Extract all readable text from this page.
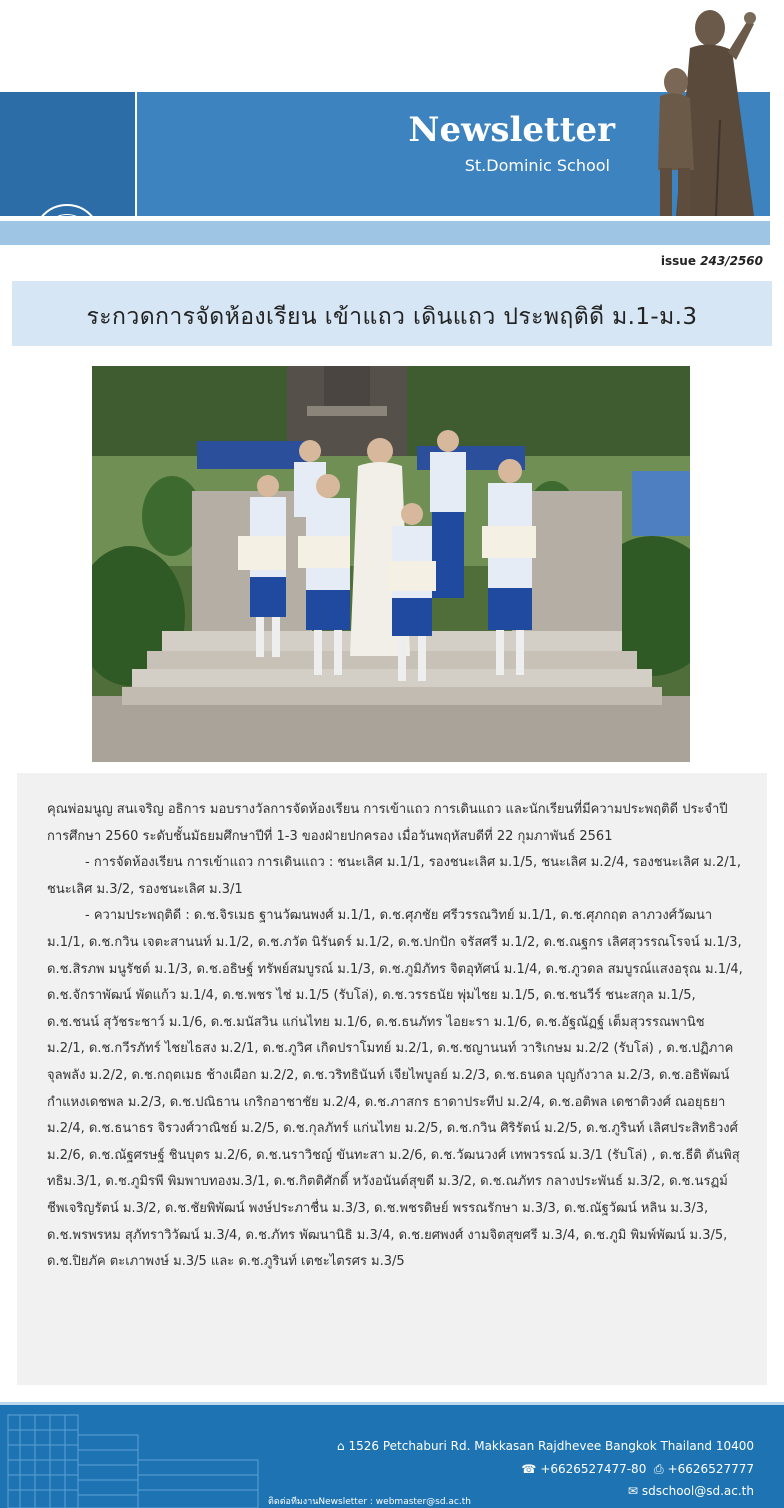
Newsletter
St.Dominic School
issue 243/2560
ระกวดการจัดห้องเรียน เข้าแถว เดินแถว ประพฤติดี ม.1-ม.3

คุณพ่อมนูญ สนเจริญ อธิการ มอบรางวัลการจัดห้องเรียน การเข้าแถว การเดินแถว และนักเรียนที่มีความประพฤติดี ประจำปีการศึกษา 2560 ระดับชั้นมัธยมศึกษาปีที่ 1-3 ของฝ่ายปกครอง เมื่อวันพฤหัสบดีที่ 22 กุมภาพันธ์ 2561

- การจัดห้องเรียน การเข้าแถว การเดินแถว : ชนะเลิศ ม.1/1, รองชนะเลิศ ม.1/5, ชนะเลิศ ม.2/4, รองชนะเลิศ ม.2/1, ชนะเลิศ ม.3/2, รองชนะเลิศ ม.3/1

- ความประพฤติดี : ด.ช.จิรเมธ ฐานวัฒนพงศ์ ม.1/1, ด.ช.ศุภชัย ศรีวรรณวิทย์ ม.1/1, ด.ช.ศุภกฤต ลาภวงศ์วัฒนา ม.1/1, ด.ช.กวิน เจตะสานนท์ ม.1/2, ด.ช.ภวัต นิรันดร์ ม.1/2, ด.ช.ปกปัก จรัสศรี ม.1/2, ด.ช.ณฐกร เลิศสุวรรณโรจน์ ม.1/3, ด.ช.สิรภพ มนูรัชต์ ม.1/3, ด.ช.อธิษฐ์ ทรัพย์สมบูรณ์ ม.1/3, ด.ช.ภูมิภัทร จิตอุทัศน์ ม.1/4, ด.ช.ภูวดล สมบูรณ์แสงอรุณ ม.1/4, ด.ช.จักราพัฒน์ พัดแก้ว ม.1/4, ด.ช.พชร ไช่ ม.1/5 (รับโล่), ด.ช.วรรธนัย พุ่มไชย ม.1/5, ด.ช.ชนวีร์ ชนะสกุล ม.1/5, ด.ช.ชนน์ สุวัชระชาว์ ม.1/6, ด.ช.มนัสวิน แก่นไทย ม.1/6, ด.ช.ธนภัทร ไอยะรา ม.1/6, ด.ช.อัฐณัฏฐ์ เต็มสุวรรณพานิช ม.2/1, ด.ช.กวีรภัทร์ ไชยไธสง ม.2/1, ด.ช.ภูวิศ เกิดปราโมทย์ ม.2/1, ด.ช.ชญานนท์ วาริเกษม ม.2/2 (รับโล่) , ด.ช.ปฏิภาค จุลพลัง ม.2/2, ด.ช.กฤตเมธ ช้างเผือก ม.2/2, ด.ช.วริทธินันท์ เจียไพบูลย์ ม.2/3, ด.ช.ธนดล บุญกังวาล ม.2/3, ด.ช.อธิพัฒน์ กำแหงเดชพล ม.2/3, ด.ช.ปณิธาน เกริกอาชาชัย ม.2/4, ด.ช.ภาสกร ธาดาประทีป ม.2/4, ด.ช.อติพล เดชาติวงศ์ ณอยุธยา ม.2/4, ด.ช.ธนาธร จิรวงศ์วาณิชย์ ม.2/5, ด.ช.กุลภัทร์ แก่นไทย ม.2/5, ด.ช.กวิน ศิริรัตน์ ม.2/5, ด.ช.ภูรินท์ เลิศประสิทธิวงศ์ ม.2/6, ด.ช.ณัฐศรษฐ์ ชินบุตร ม.2/6, ด.ช.นราวิชญ์ ขันทะสา ม.2/6, ด.ช.วัฒนวงศ์ เทพวรรณ์ ม.3/1 (รับโล่) , ด.ช.ธีติ ตันพิสุทธิม.3/1, ด.ช.ภูมิรพี พิมพาบทองม.3/1, ด.ช.กิตติศักดิ์ หวังอนันต์สุขดี ม.3/2, ด.ช.ณภัทร กลางประพันธ์ ม.3/2, ด.ช.นรฏม์ ชีพเจริญรัตน์ ม.3/2, ด.ช.ชัยพิพัฒน์ พงษ์ประภาชื่น ม.3/3, ด.ช.พชรดิษย์ พรรณรักษา ม.3/3, ด.ช.ณัฐวัฒน์ หลิน ม.3/3, ด.ช.พรพรหม สุภัทราวิวัฒน์ ม.3/4, ด.ช.ภัทร พัฒนานิธิ ม.3/4, ด.ช.ยศพงศ์ งามจิตสุขศรี ม.3/4, ด.ช.ภูมิ พิมพ์พัฒน์ ม.3/5, ด.ช.ปิยภัค ตะเภาพงษ์ ม.3/5 และ ด.ช.ภูรินท์ เตชะไตรศร ม.3/5

⌂ 1526 Petchaburi Rd. Makkasan Rajdhevee Bangkok Thailand 10400
☎ +6626527477-80 ⎙ +6626527777
✉ sdschool@sd.ac.th
ติดต่อทีมงานNewsletter : webmaster@sd.ac.th
